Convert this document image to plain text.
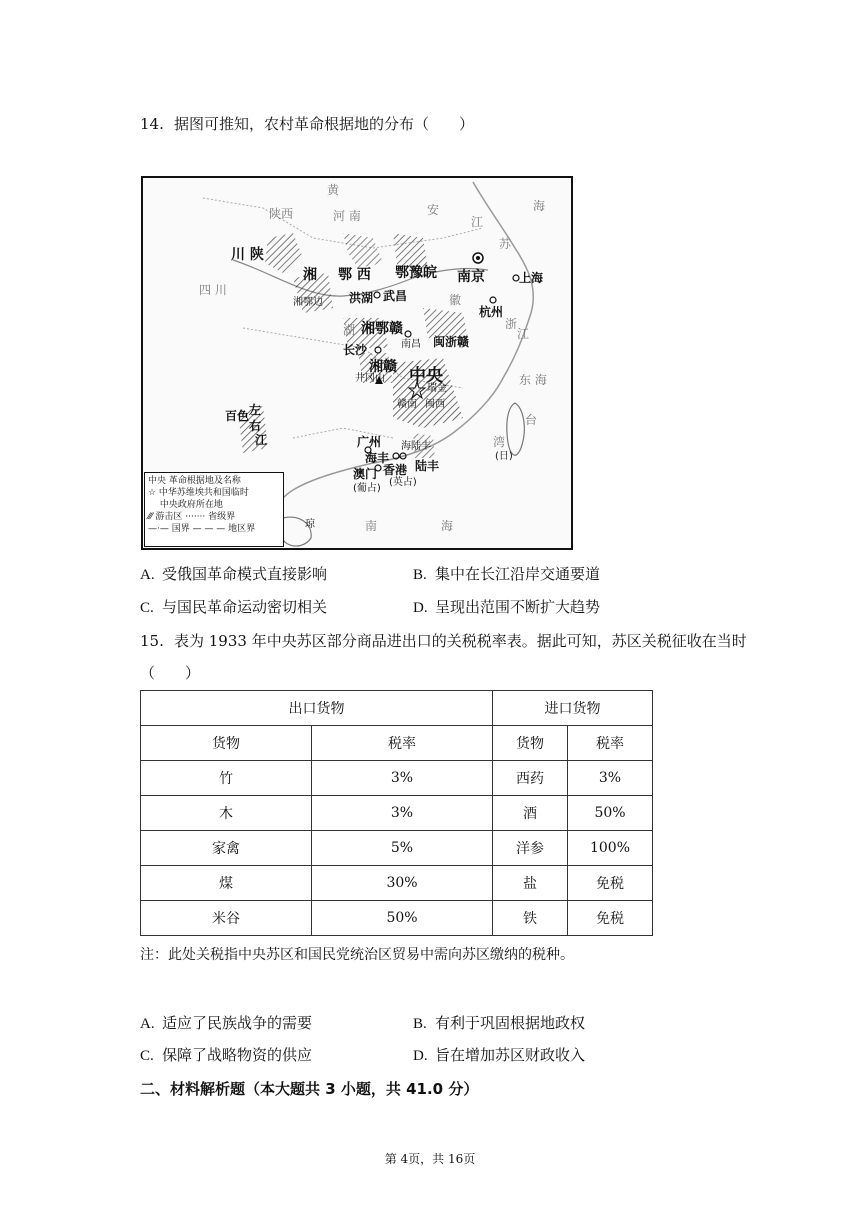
14. 据图可推知，农村革命根据地的分布（　　）
黄
海
陕西	河 南	安
江
苏
川 陕
湘 鄂 西 鄂豫皖 南京	上海
四 川
洪湖 武昌
湘鄂边	徽
杭州
湘鄂赣
湖	浙
江
长沙	南昌 闽浙赣
湘赣 中央
井冈山
瑞金
东 海
百色 左
右
江
赣南 闽西
台
湾
(日)
广州 海陆丰
海丰
陆丰
香港
澳门
(英占)
(葡占)
南	海
琼
中央 革命根据地及名称
☆ 中华苏维埃共和国临时
　 中央政府所在地
⁄⁄⁄ 游击区 ······· 省级界
—·— 国界 — — — 地区界
A. 受俄国革命模式直接影响	B. 集中在长江沿岸交通要道
C. 与国民革命运动密切相关	D. 呈现出范围不断扩大趋势
15. 表为 1933 年中央苏区部分商品进出口的关税税率表。据此可知，苏区关税征收在当时
（　　）
出口货物		进口货物	
货物	税率	货物	税率
竹	3%	西药	3%
木	3%	酒	50%
家禽	5%	洋参	100%
煤	30%	盐	免税
米谷	50%	铁	免税
注：此处关税指中央苏区和国民党统治区贸易中需向苏区缴纳的税种。
A. 适应了民族战争的需要	B. 有利于巩固根据地政权
C. 保障了战略物资的供应	D. 旨在增加苏区财政收入
二、材料解析题（本大题共 3 小题，共 41.0 分）
第 4页，共 16页
